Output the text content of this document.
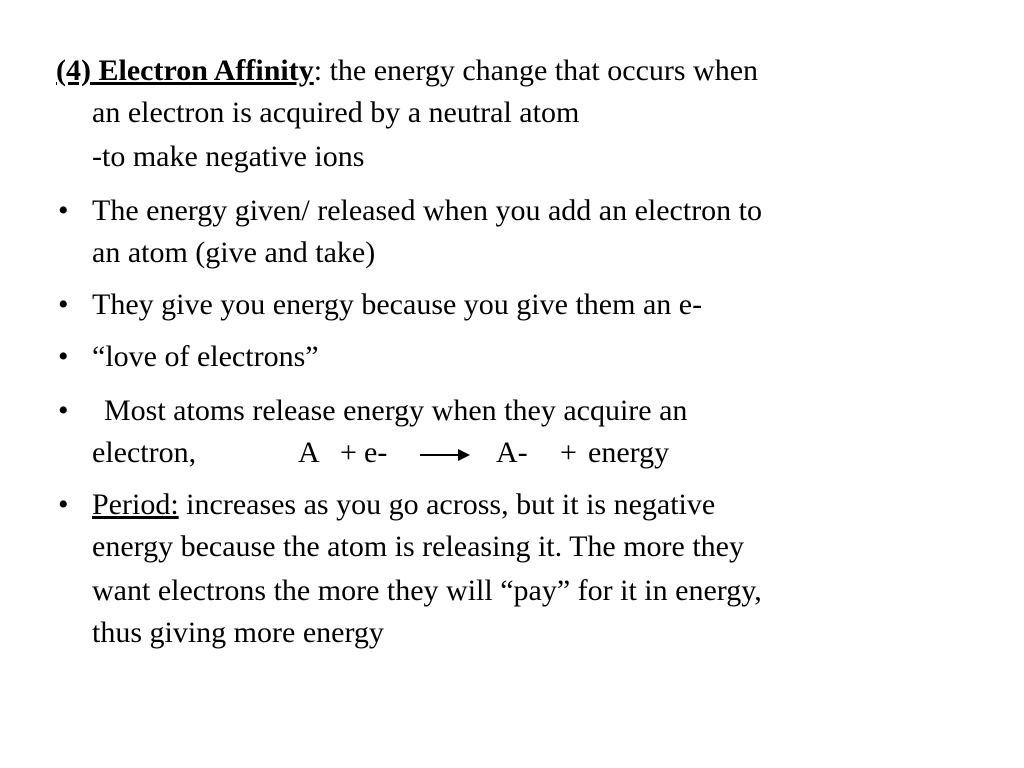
(4) Electron Affinity: the energy change that occurs when
an electron is acquired by a neutral atom
-to make negative ions
• The energy given/ released when you add an electron to
an atom (give and take)
• They give you energy because you give them an e-
• “love of electrons”
• Most atoms release energy when they acquire an
electron,	A + e- → A- + energy
• Period: increases as you go across, but it is negative
energy because the atom is releasing it. The more they
want electrons the more they will “pay” for it in energy,
thus giving more energy
